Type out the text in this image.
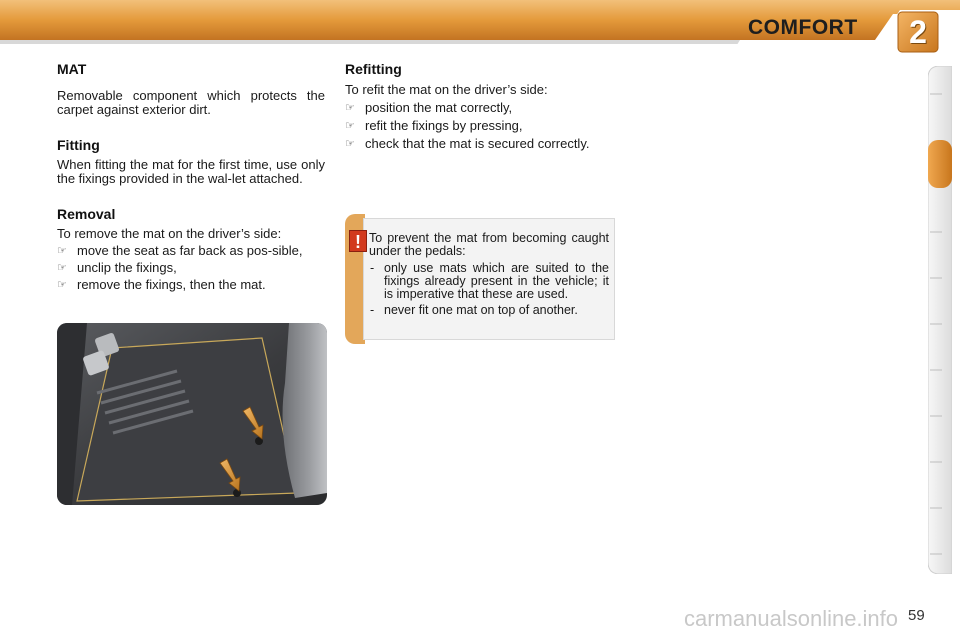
COMFORT	2
MAT

Removable component which protects the carpet against exterior dirt.

Fitting

When fitting the mat for the first time, use only the fixings provided in the wal-let attached.

Removal

To remove the mat on the driver’s side:

☞ move the seat as far back as pos-sible,
☞ unclip the fixings,
☞ remove the fixings, then the mat.
Refitting

To refit the mat on the driver’s side:

☞ position the mat correctly,
☞ refit the fixings by pressing,
☞ check that the mat is secured correctly.
! To prevent the mat from becoming caught under the pedals:

- only use mats which are suited to the fixings already present in the vehicle; it is imperative that these are used.
- never fit one mat on top of another.
carmanualsonline.info 59
